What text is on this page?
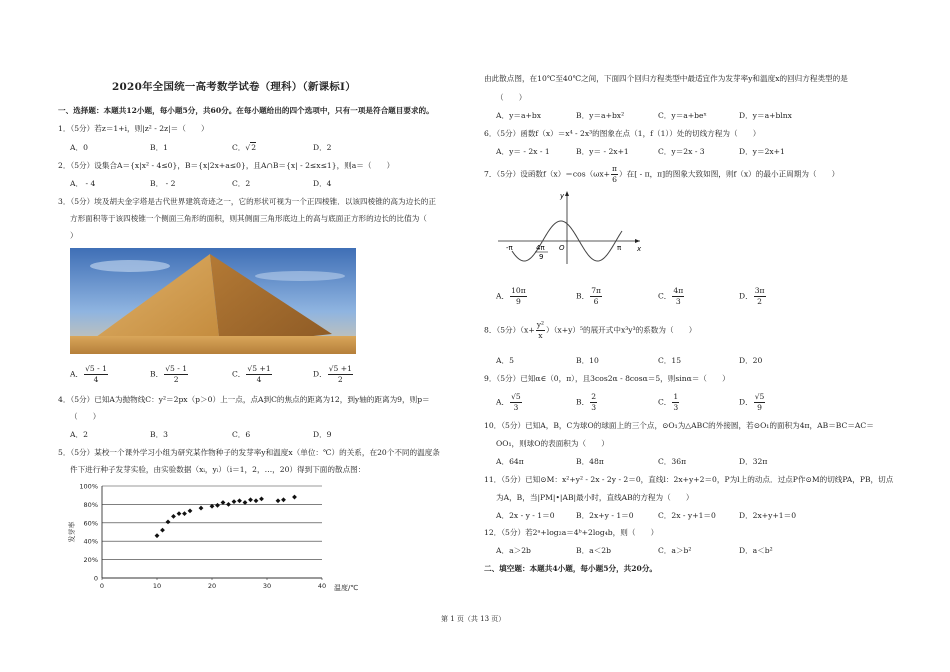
2020年全国统一高考数学试卷（理科）（新课标Ⅰ）
一、选择题：本题共12小题，每小题5分，共60分。在每小题给出的四个选项中，只有一项是符合题目要求的。
1．（5分）若z＝1+i，则|z² - 2z|＝（　　）
A．0	B．1	C．√2	D．2
2．（5分）设集合A＝{x|x² - 4≤0}，B＝{x|2x+a≤0}，且A∩B＝{x| - 2≤x≤1}，则a＝（　　）
A． - 4	B． - 2	C．2	D．4
3．（5分）埃及胡夫金字塔是古代世界建筑奇迹之一，它的形状可视为一个正四棱锥．以该四棱锥的高为边长的正
方形面积等于该四棱锥一个侧面三角形的面积，则其侧面三角形底边上的高与底面正方形的边长的比值为（
）
A． $\frac{√5 - 1}{4}$	B． $\frac{√5 - 1}{2}$	C． $\frac{√5 +1}{4}$	D． $\frac{√5 +1}{2}$
4．（5分）已知A为抛物线C：y²＝2px（p＞0）上一点，点A到C的焦点的距离为12，到y轴的距离为9，则p＝
（　　）
A．2	B．3	C．6	D．9
5．（5分）某校一个课外学习小组为研究某作物种子的发芽率y和温度x（单位：℃）的关系，在20个不同的温度条
件下进行种子发芽实验，由实验数据（xᵢ，yᵢ）（i＝1，2，…，20）得到下面的散点图：
0
20%
40%
60%
80%
100%
0	10	20	30	40
发芽率
温度/℃
由此散点图，在10℃至40℃之间，下面四个回归方程类型中最适宜作为发芽率y和温度x的回归方程类型的是
（　　）
A．y＝a+bx	B．y＝a+bx²	C．y＝a+beˣ	D．y＝a+blnx
6．（5分）函数f（x）＝x⁴ - 2x³的图象在点（1，f（1））处的切线方程为（　　）
A．y＝ - 2x - 1	B．y＝ - 2x+1	C．y＝2x - 3	D．y＝2x+1
7．（5分）设函数$f(x)=\cos(\omega x+ \frac{\pi}{6}$ ）在[ - π，π]的图象大致如图，则f（x）的最小正周期为（　　）
y
x
O
-π	π
4π
9
A． $\frac{10\pi}{9}$	B． $\frac{7\pi}{6}$	C． $\frac{4\pi}{3}$	D． $\frac{3\pi}{2}$
8．（5分）$(x+ \frac{\text{y²}}{x} )(x+y)^5$的展开式中x³y³的系数为（　　）
A．5	B．10	C．15	D．20
9．（5分）已知α∈（0，π），且3cos2α - 8cosα＝5，则sinα＝（　　）
A． $\frac{√5}{3}$	B． $\frac{2}{3}$	C． $\frac{1}{3}$	D． $\frac{√5}{9}$
10．（5分）已知A，B，C为球O的球面上的三个点，⊙O₁为△ABC的外接圆，若⊙O₁的面积为4π，AB＝BC＝AC＝
OO₁，则球O的表面积为（　　）
A．64π	B．48π	C．36π	D．32π
11．（5分）已知⊙M：x²+y² - 2x - 2y - 2＝0，直线l：2x+y+2＝0，P为l上的动点．过点P作⊙M的切线PA，PB，切点
为A，B，当|PM|•|AB|最小时，直线AB的方程为（　　）
A．2x - y - 1＝0	B．2x+y - 1＝0	C．2x - y+1＝0	D．2x+y+1＝0
12．（5分）若2ᵃ+log₂a＝4ᵇ+2log₄b，则（　　）
A．a＞2b	B．a＜2b	C．a＞b²	D．a＜b²
二、填空题：本题共4小题，每小题5分，共20分。
第 1 页（共 13 页）
